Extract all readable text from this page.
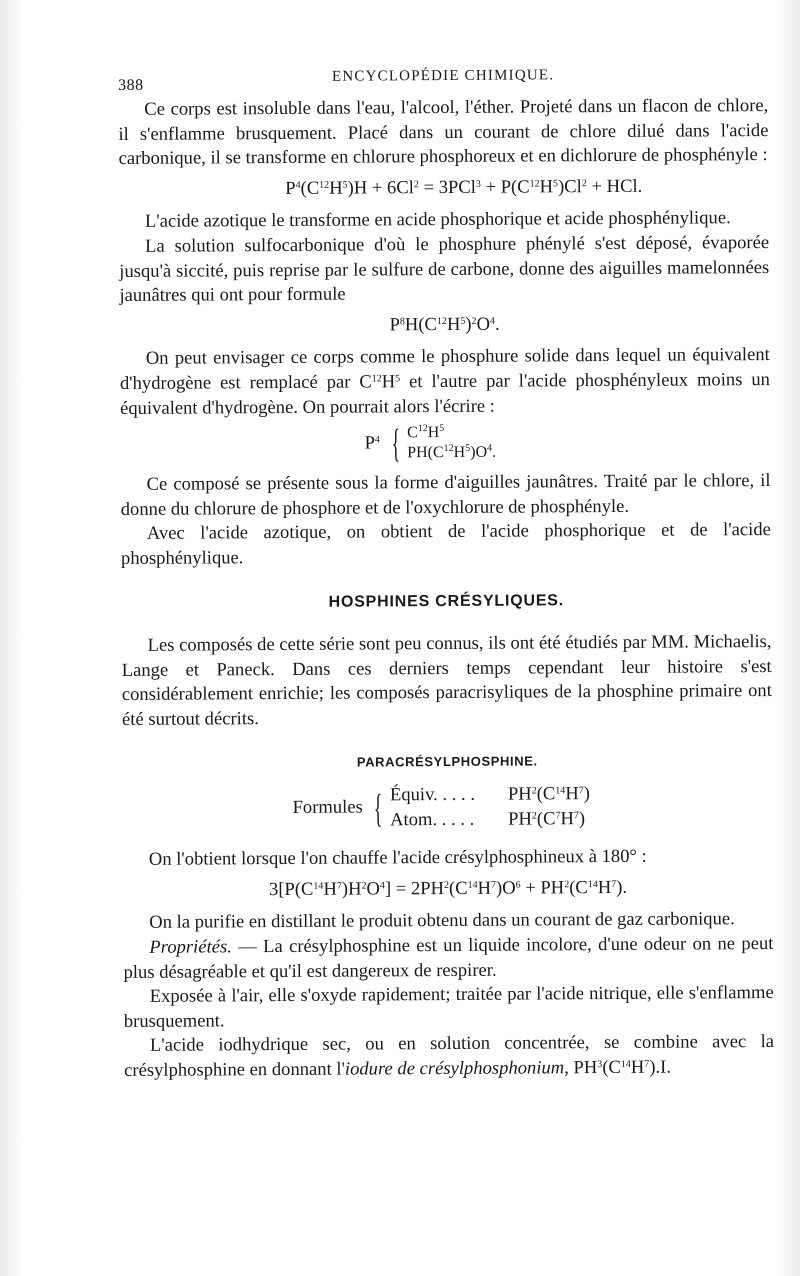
388
ENCYCLOPÉDIE CHIMIQUE.

Ce corps est insoluble dans l'eau, l'alcool, l'éther. Projeté dans un flacon de chlore, il s'enflamme brusquement. Placé dans un courant de chlore dilué dans l'acide carbonique, il se transforme en chlorure phosphoreux et en dichlorure de phosphényle :

$P^4(C^{12}H^5)H + 6Cl^2 = 3PCl^3 + P(C^{12}H^5)Cl^2$ + HCl.

L'acide azotique le transforme en acide phosphorique et acide phosphénylique.

La solution sulfocarbonique d'où le phosphure phénylé s'est déposé, évaporée jusqu'à siccité, puis reprise par le sulfure de carbone, donne des aiguilles mamelonnées jaunâtres qui ont pour formule

$P^8H(C^{12}H^5)^2O^4$.

On peut envisager ce corps comme le phosphure solide dans lequel un équivalent d'hydrogène est remplacé par $C^{12}H^5$ et l'autre par l'acide phosphényleux moins un équivalent d'hydrogène. On pourrait alors l'écrire :

$P^4$ { $C^{12}H^5$
$PH(C^{12}H^5)O^4$.

Ce composé se présente sous la forme d'aiguilles jaunâtres. Traité par le chlore, il donne du chlorure de phosphore et de l'oxychlorure de phosphényle.

Avec l'acide azotique, on obtient de l'acide phosphorique et de l'acide phosphénylique.

HOSPHINES CRÉSYLIQUES.

Les composés de cette série sont peu connus, ils ont été étudiés par MM. Michaelis, Lange et Paneck. Dans ces derniers temps cependant leur histoire s'est considérablement enrichie; les composés paracrisyliques de la phosphine primaire ont été surtout décrits.

PARACRÉSYLPHOSPHINE.
Formules { Équiv. . . . .	$PH^2(C^{14}H^7)$
Atom. . . . .	$PH^2(C^7H^7)$

On l'obtient lorsque l'on chauffe l'acide crésylphosphineux à 180° :

$3[P(C^{14}H^7)H^2O^4] = 2PH^2(C^{14}H^7)O^6 + PH^2(C^{14}H^7)$.

On la purifie en distillant le produit obtenu dans un courant de gaz carbonique.

Propriétés. — La crésylphosphine est un liquide incolore, d'une odeur on ne peut plus désagréable et qu'il est dangereux de respirer.

Exposée à l'air, elle s'oxyde rapidement; traitée par l'acide nitrique, elle s'enflamme brusquement.

L'acide iodhydrique sec, ou en solution concentrée, se combine avec la crésylphosphine en donnant l'iodure de crésylphosphonium, $PH^3(C^{14}H^7).I$.
